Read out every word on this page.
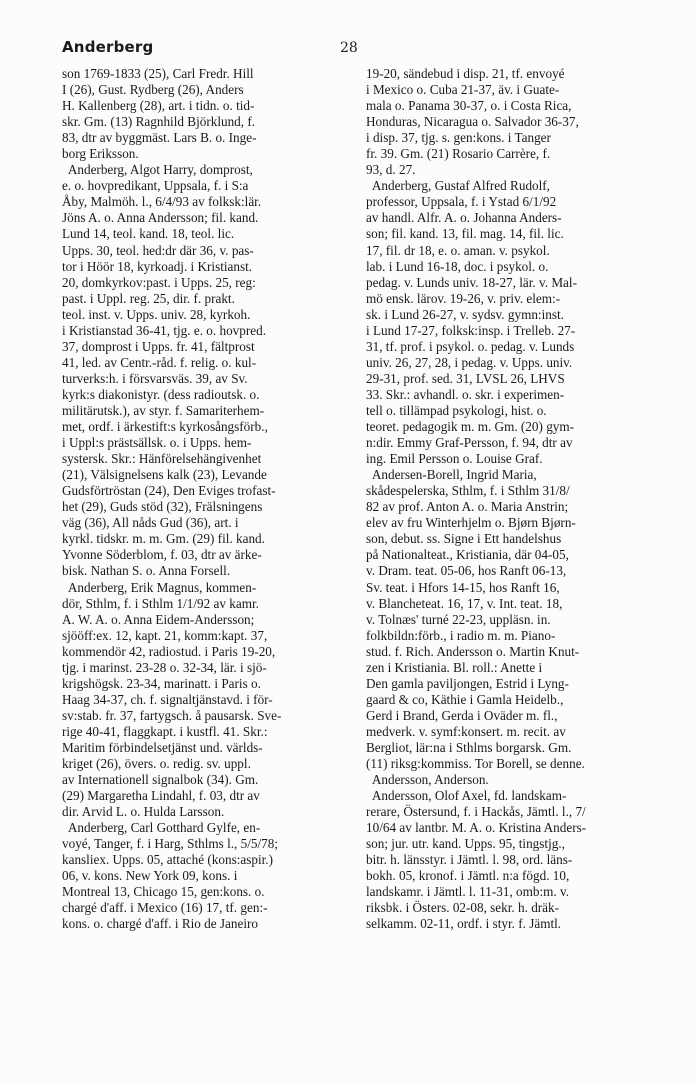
Anderberg	28
son 1769-1833 (25), Carl Fredr. Hill
I (26), Gust. Rydberg (26), Anders
H. Kallenberg (28), art. i tidn. o. tid-
skr. Gm. (13) Ragnhild Björklund, f.
83, dtr av byggmäst. Lars B. o. Inge-
borg Eriksson.
Anderberg, Algot Harry, domprost,
e. o. hovpredikant, Uppsala, f. i S:a
Åby, Malmöh. l., 6/4/93 av folksk:lär.
Jöns A. o. Anna Andersson; fil. kand.
Lund 14, teol. kand. 18, teol. lic.
Upps. 30, teol. hed:dr där 36, v. pas-
tor i Höör 18, kyrkoadj. i Kristianst.
20, domkyrkov:past. i Upps. 25, reg:
past. i Uppl. reg. 25, dir. f. prakt.
teol. inst. v. Upps. univ. 28, kyrkoh.
i Kristianstad 36-41, tjg. e. o. hovpred.
37, domprost i Upps. fr. 41, fältprost
41, led. av Centr.-råd. f. relig. o. kul-
turverks:h. i försvarsväs. 39, av Sv.
kyrk:s diakonistyr. (dess radioutsk. o.
militärutsk.), av styr. f. Samariterhem-
met, ordf. i ärkestift:s kyrkosångsförb.,
i Uppl:s prästsällsk. o. i Upps. hem-
systersk. Skr.: Hänförelsehängivenhet
(21), Välsignelsens kalk (23), Levande
Gudsförtröstan (24), Den Eviges trofast-
het (29), Guds stöd (32), Frälsningens
väg (36), All nåds Gud (36), art. i
kyrkl. tidskr. m. m. Gm. (29) fil. kand.
Yvonne Söderblom, f. 03, dtr av ärke-
bisk. Nathan S. o. Anna Forsell.
Anderberg, Erik Magnus, kommen-
dör, Sthlm, f. i Sthlm 1/1/92 av kamr.
A. W. A. o. Anna Eidem-Andersson;
sjööff:ex. 12, kapt. 21, komm:kapt. 37,
kommendör 42, radiostud. i Paris 19-20,
tjg. i marinst. 23-28 o. 32-34, lär. i sjö-
krigshögsk. 23-34, marinatt. i Paris o.
Haag 34-37, ch. f. signaltjänstavd. i för-
sv:stab. fr. 37, fartygsch. å pausarsk. Sve-
rige 40-41, flaggkapt. i kustfl. 41. Skr.:
Maritim förbindelsetjänst und. världs-
kriget (26), övers. o. redig. sv. uppl.
av Internationell signalbok (34). Gm.
(29) Margaretha Lindahl, f. 03, dtr av
dir. Arvid L. o. Hulda Larsson.
Anderberg, Carl Gotthard Gylfe, en-
voyé, Tanger, f. i Harg, Sthlms l., 5/5/78;
kansliex. Upps. 05, attaché (kons:aspir.)
06, v. kons. New York 09, kons. i
Montreal 13, Chicago 15, gen:kons. o.
chargé d'aff. i Mexico (16) 17, tf. gen:-
kons. o. chargé d'aff. i Rio de Janeiro
19-20, sändebud i disp. 21, tf. envoyé
i Mexico o. Cuba 21-37, äv. i Guate-
mala o. Panama 30-37, o. i Costa Rica,
Honduras, Nicaragua o. Salvador 36-37,
i disp. 37, tjg. s. gen:kons. i Tanger
fr. 39. Gm. (21) Rosario Carrère, f.
93, d. 27.
Anderberg, Gustaf Alfred Rudolf,
professor, Uppsala, f. i Ystad 6/1/92
av handl. Alfr. A. o. Johanna Anders-
son; fil. kand. 13, fil. mag. 14, fil. lic.
17, fil. dr 18, e. o. aman. v. psykol.
lab. i Lund 16-18, doc. i psykol. o.
pedag. v. Lunds univ. 18-27, lär. v. Mal-
mö ensk. lärov. 19-26, v. priv. elem:-
sk. i Lund 26-27, v. sydsv. gymn:inst.
i Lund 17-27, folksk:insp. i Trelleb. 27-
31, tf. prof. i psykol. o. pedag. v. Lunds
univ. 26, 27, 28, i pedag. v. Upps. univ.
29-31, prof. sed. 31, LVSL 26, LHVS
33. Skr.: avhandl. o. skr. i experimen-
tell o. tillämpad psykologi, hist. o.
teoret. pedagogik m. m. Gm. (20) gym-
n:dir. Emmy Graf-Persson, f. 94, dtr av
ing. Emil Persson o. Louise Graf.
Andersen-Borell, Ingrid Maria,
skådespelerska, Sthlm, f. i Sthlm 31/8/
82 av prof. Anton A. o. Maria Anstrin;
elev av fru Winterhjelm o. Bjørn Bjørn-
son, debut. ss. Signe i Ett handelshus
på Nationalteat., Kristiania, där 04-05,
v. Dram. teat. 05-06, hos Ranft 06-13,
Sv. teat. i Hfors 14-15, hos Ranft 16,
v. Blancheteat. 16, 17, v. Int. teat. 18,
v. Tolnæs' turné 22-23, uppläsn. in.
folkbildn:förb., i radio m. m. Piano-
stud. f. Rich. Andersson o. Martin Knut-
zen i Kristiania. Bl. roll.: Anette i
Den gamla paviljongen, Estrid i Lyng-
gaard & co, Käthie i Gamla Heidelb.,
Gerd i Brand, Gerda i Oväder m. fl.,
medverk. v. symf:konsert. m. recit. av
Bergliot, lär:na i Sthlms borgarsk. Gm.
(11) riksg:kommiss. Tor Borell, se denne.
Andersson, Anderson.
Andersson, Olof Axel, fd. landskam-
rerare, Östersund, f. i Hackås, Jämtl. l., 7/
10/64 av lantbr. M. A. o. Kristina Anders-
son; jur. utr. kand. Upps. 95, tingstjg.,
bitr. h. länsstyr. i Jämtl. l. 98, ord. läns-
bokh. 05, kronof. i Jämtl. n:a fögd. 10,
landskamr. i Jämtl. l. 11-31, omb:m. v.
riksbk. i Östers. 02-08, sekr. h. dräk-
selkamm. 02-11, ordf. i styr. f. Jämtl.
